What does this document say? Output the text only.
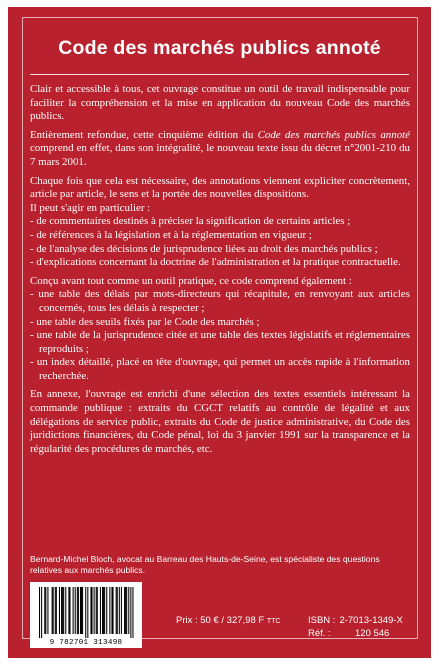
Code des marchés publics annoté

Clair et accessible à tous, cet ouvrage constitue un outil de travail indispensable pour faciliter la compréhension et la mise en application du nouveau Code des marchés publics.

Entièrement refondue, cette cinquième édition du Code des marchés publics annoté comprend en effet, dans son intégralité, le nouveau texte issu du décret n°2001-210 du 7 mars 2001.

Chaque fois que cela est nécessaire, des annotations viennent expliciter concrètement, article par article, le sens et la portée des nouvelles dispositions.

Il peut s'agir en particulier :

- de commentaires destinés à préciser la signification de certains articles ;
- de références à la législation et à la réglementation en vigueur ;
- de l'analyse des décisions de jurisprudence liées au droit des marchés publics ;
- d'explications concernant la doctrine de l'administration et la pratique contractuelle.

Conçu avant tout comme un outil pratique, ce code comprend également :

- une table des délais par mots-directeurs qui récapitule, en renvoyant aux articles concernés, tous les délais à respecter ;
- une table des seuils fixés par le Code des marchés ;
- une table de la jurisprudence citée et une table des textes législatifs et réglementaires reproduits ;
- un index détaillé, placé en tête d'ouvrage, qui permet un accès rapide à l'information recherchée.

En annexe, l'ouvrage est enrichi d'une sélection des textes essentiels intéressant la commande publique : extraits du CGCT relatifs au contrôle de légalité et aux délégations de service public, extraits du Code de justice administrative, du Code des juridictions financières, du Code pénal, loi du 3 janvier 1991 sur la transparence et la régularité des procédures de marchés, etc.

Bernard-Michel Bloch, avocat au Barreau des Hauts-de-Seine, est spécialiste des questions relatives aux marchés publics.
9 782701 313498
Prix : 50 € / 327,98 F TTC	ISBN : 2-7013-1349-X
Réf. :	120 546
